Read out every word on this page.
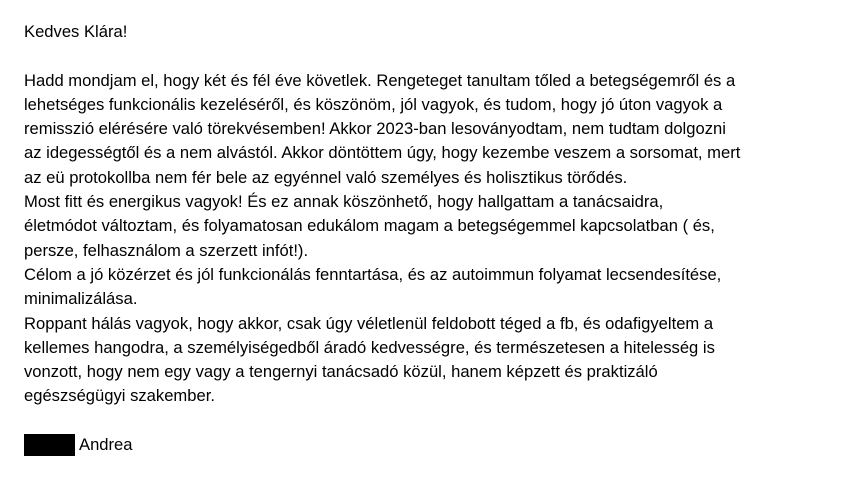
Kedves Klára!
Hadd mondjam el, hogy két és fél éve követlek. Rengeteget tanultam tőled a betegségemről és a
lehetséges funkcionális kezeléséről, és köszönöm, jól vagyok, és tudom, hogy jó úton vagyok a
remisszió elérésére való törekvésemben! Akkor 2023-ban lesoványodtam, nem tudtam dolgozni
az idegességtől és a nem alvástól. Akkor döntöttem úgy, hogy kezembe veszem a sorsomat, mert
az eü protokollba nem fér bele az egyénnel való személyes és holisztikus törődés.
Most fitt és energikus vagyok! És ez annak köszönhető, hogy hallgattam a tanácsaidra,
életmódot változtam, és folyamatosan edukálom magam a betegségemmel kapcsolatban ( és,
persze, felhasználom a szerzett infót!).
Célom a jó közérzet és jól funkcionálás fenntartása, és az autoimmun folyamat lecsendesítése,
minimalizálása.
Roppant hálás vagyok, hogy akkor, csak úgy véletlenül feldobott téged a fb, és odafigyeltem a
kellemes hangodra, a személyiségedből áradó kedvességre, és természetesen a hitelesség is
vonzott, hogy nem egy vagy a tengernyi tanácsadó közül, hanem képzett és praktizáló
egészségügyi szakember.
Andrea
